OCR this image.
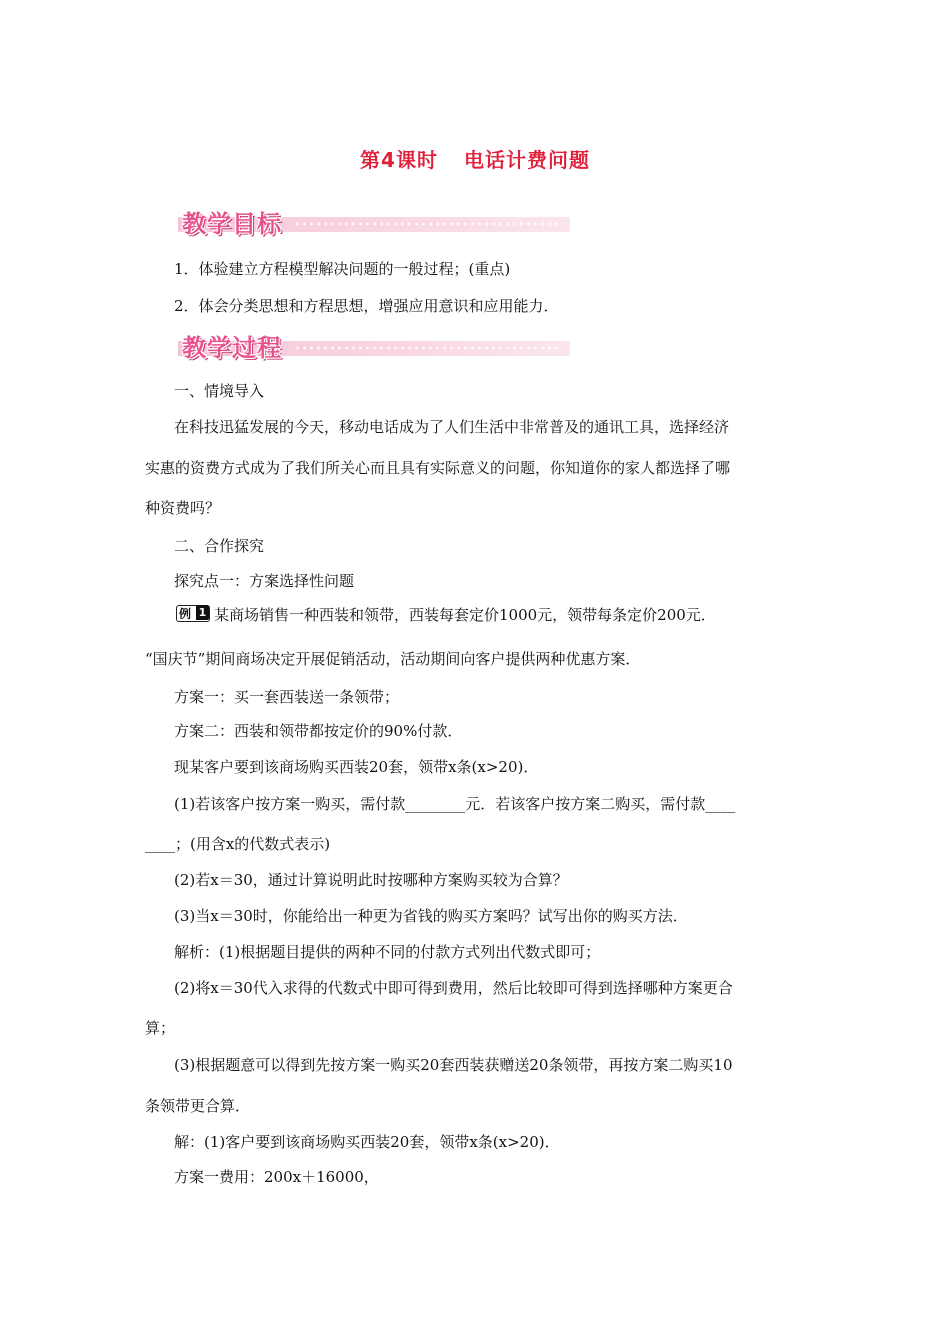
第4课时 电话计费问题
教学目标
1．体验建立方程模型解决问题的一般过程；(重点)
2．体会分类思想和方程思想，增强应用意识和应用能力．
教学过程
一、情境导入
在科技迅猛发展的今天，移动电话成为了人们生活中非常普及的通讯工具，选择经济
实惠的资费方式成为了我们所关心而且具有实际意义的问题，你知道你的家人都选择了哪
种资费吗？
二、合作探究
探究点一：方案选择性问题
例 1 某商场销售一种西装和领带，西装每套定价1000元，领带每条定价200元．
“国庆节”期间商场决定开展促销活动，活动期间向客户提供两种优惠方案．
方案一：买一套西装送一条领带；
方案二：西装和领带都按定价的90%付款．
现某客户要到该商场购买西装20套，领带x条(x>20)．
(1)若该客户按方案一购买，需付款________元．若该客户按方案二购买，需付款____
____；(用含x的代数式表示)
(2)若x＝30，通过计算说明此时按哪种方案购买较为合算？
(3)当x＝30时，你能给出一种更为省钱的购买方案吗？试写出你的购买方法．
解析：(1)根据题目提供的两种不同的付款方式列出代数式即可；
(2)将x＝30代入求得的代数式中即可得到费用，然后比较即可得到选择哪种方案更合
算；
(3)根据题意可以得到先按方案一购买20套西装获赠送20条领带，再按方案二购买10
条领带更合算．
解：(1)客户要到该商场购买西装20套，领带x条(x>20)．
方案一费用：200x＋16000，
